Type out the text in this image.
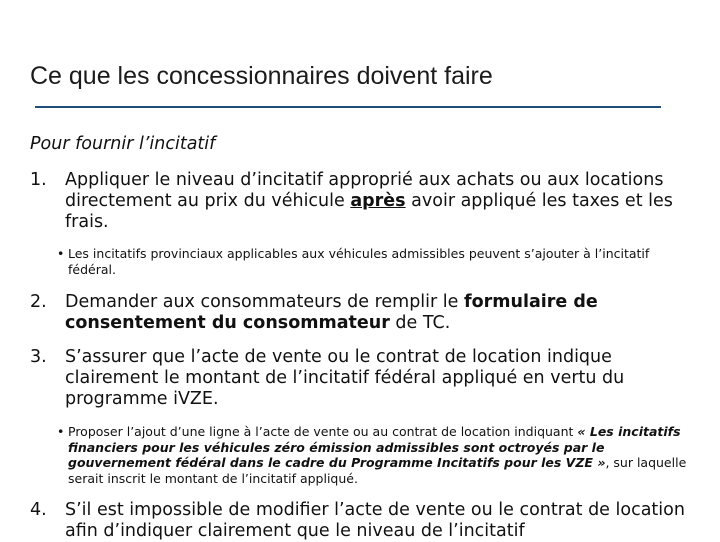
Ce que les concessionnaires doivent faire
Pour fournir l’incitatif
1. Appliquer le niveau d’incitatif approprié aux achats ou aux locations directement au prix du véhicule après avoir appliqué les taxes et les frais.
• Les incitatifs provinciaux applicables aux véhicules admissibles peuvent s’ajouter à l’incitatif fédéral.
2. Demander aux consommateurs de remplir le formulaire de consentement du consommateur de TC.
3. S’assurer que l’acte de vente ou le contrat de location indique clairement le montant de l’incitatif fédéral appliqué en vertu du programme iVZE.
• Proposer l’ajout d’une ligne à l’acte de vente ou au contrat de location indiquant « Les incitatifs financiers pour les véhicules zéro émission admissibles sont octroyés par le gouvernement fédéral dans le cadre du Programme Incitatifs pour les VZE », sur laquelle serait inscrit le montant de l’incitatif appliqué.
4. S’il est impossible de modifier l’acte de vente ou le contrat de location afin d’indiquer clairement que le niveau de l’incitatif
